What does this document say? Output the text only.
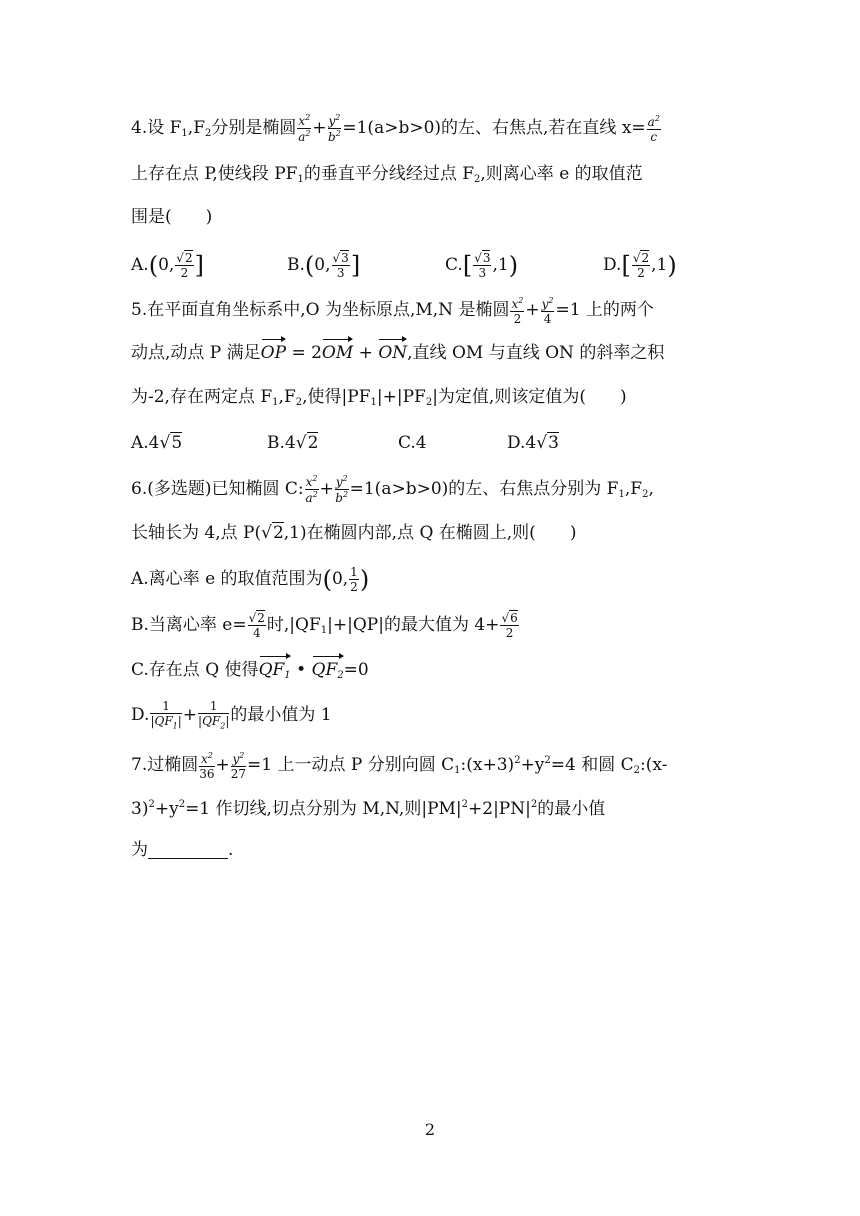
4.设 $F_1,F_2$分别是椭圆 $\frac{x^2}{a^2} + \frac{y^2}{b^2} =1(a>b>0)$的左、右焦点,若在直线 $x= \frac{a^2}{c}$
上存在点 P,使线段 $PF_1$的垂直平分线经过点 $F_2$,则离心率 e 的取值范
围是(　　)
A.(0, $\frac{√2}{2}$ ]	B.(0, $\frac{√3}{3}$ ]	$C.[ \frac{√3}{3} ,1)$	$D.[ \frac{√2}{2} ,1)$
5.在平面直角坐标系中,O 为坐标原点,M,N 是椭圆 $\frac{x^2}{2} + \frac{y^2}{4} =1$ 上的两个
动点,动点 P 满足OP = 2OM + ON,直线 OM 与直线 ON 的斜率之积
为-2,存在两定点 $F_1,F_2$,使得$|PF_1|+|PF_2|$为定值,则该定值为(　　)
A.4√5	B.4√2	C.4	D.4√3
6.(多选题)已知椭圆 C: $\frac{x^2}{a^2} + \frac{y^2}{b^2} =1(a>b>0)$的左、右焦点分别为 $F_1,F_2$,
长轴长为 4,点 P(√2,1)在椭圆内部,点 Q 在椭圆上,则(　　)
A.离心率 e 的取值范围为(0, $\frac{1}{2}$ )
B.当离心率 $e= \frac{√2}{4}$ 时$,|QF_1|+|QP|$的最大值为 $4+ \frac{√6}{2}$
C.存在点 Q 使得$QF_1$ • $QF_2=0$
D. $\frac{1}{|QF_1|} + \frac{1}{|QF_2|}$ 的最小值为 1
7.过椭圆 $\frac{x^2}{36} + \frac{y^2}{27} =1$ 上一动点 P 分别向圆 $C_1:(x+3)^2+y^2=4$ 和圆 $C_2:(x-$
$3)^2+y^2=1$ 作切线,切点分别为 M,N,则$|PM|^2+2|PN|^2$的最小值
为	.
2
